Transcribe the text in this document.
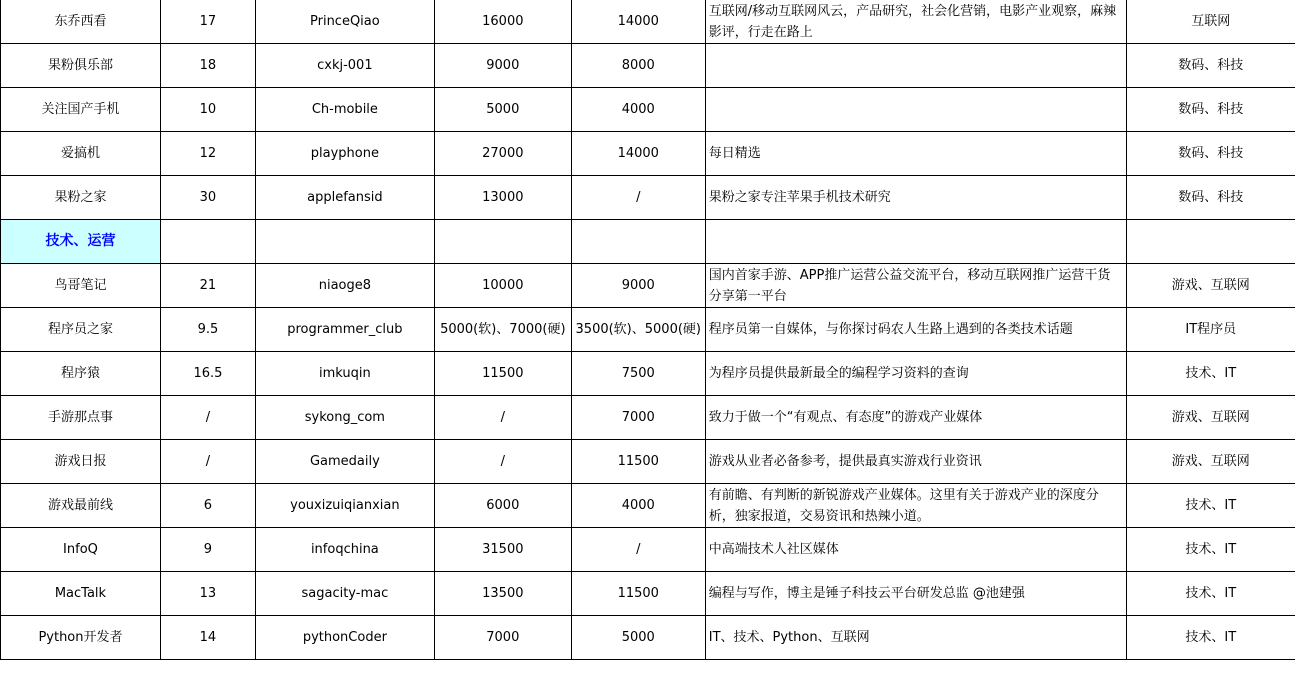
东乔西看	17	PrinceQiao	16000	14000	互联网/移动互联网风云，产品研究，社会化营销，电影产业观察，麻辣影评，行走在路上	互联网
果粉俱乐部	18	cxkj-001	9000	8000		数码、科技
关注国产手机	10	Ch-mobile	5000	4000		数码、科技
爱搞机	12	playphone	27000	14000	每日精选	数码、科技
果粉之家	30	applefansid	13000	/	果粉之家专注苹果手机技术研究	数码、科技
技术、运营						
鸟哥笔记	21	niaoge8	10000	9000	国内首家手游、APP推广运营公益交流平台，移动互联网推广运营干货分享第一平台	游戏、互联网
程序员之家	9.5	programmer_club	5000(软)、7000(硬)	3500(软)、5000(硬)	程序员第一自媒体，与你探讨码农人生路上遇到的各类技术话题	IT程序员
程序猿	16.5	imkuqin	11500	7500	为程序员提供最新最全的编程学习资料的查询	技术、IT
手游那点事	/	sykong_com	/	7000	致力于做一个“有观点、有态度”的游戏产业媒体	游戏、互联网
游戏日报	/	Gamedaily	/	11500	游戏从业者必备参考，提供最真实游戏行业资讯	游戏、互联网
游戏最前线	6	youxizuiqianxian	6000	4000	有前瞻、有判断的新锐游戏产业媒体。这里有关于游戏产业的深度分析，独家报道，交易资讯和热辣小道。	技术、IT
InfoQ	9	infoqchina	31500	/	中高端技术人社区媒体	技术、IT
MacTalk	13	sagacity-mac	13500	11500	编程与写作，博主是锤子科技云平台研发总监 @池建强	技术、IT
Python开发者	14	pythonCoder	7000	5000	IT、技术、Python、互联网	技术、IT
